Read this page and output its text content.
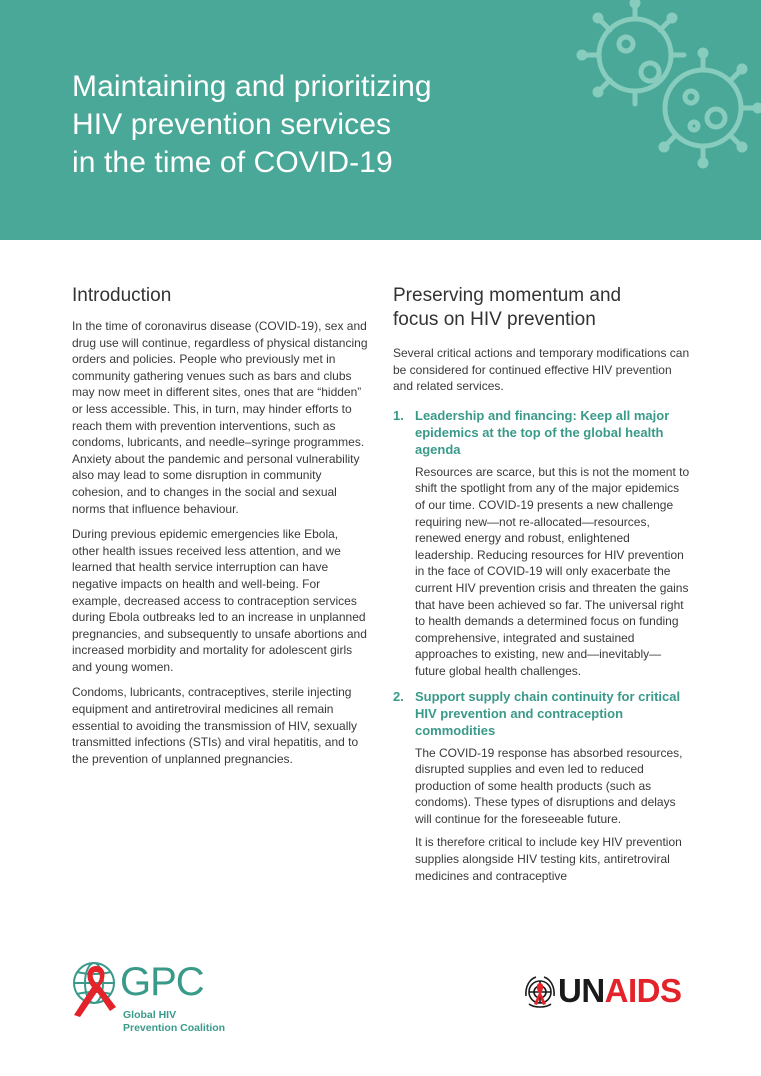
Maintaining and prioritizing
HIV prevention services
in the time of COVID-19
Introduction

In the time of coronavirus disease (COVID-19), sex and drug use will continue, regardless of physical distancing orders and policies. People who previously met in community gathering venues such as bars and clubs may now meet in different sites, ones that are “hidden” or less accessible. This, in turn, may hinder efforts to reach them with prevention interventions, such as condoms, lubricants, and needle–syringe programmes. Anxiety about the pandemic and personal vulnerability also may lead to some disruption in community cohesion, and to changes in the social and sexual norms that influence behaviour.

During previous epidemic emergencies like Ebola, other health issues received less attention, and we learned that health service interruption can have negative impacts on health and well-being. For example, decreased access to contraception services during Ebola outbreaks led to an increase in unplanned pregnancies, and subsequently to unsafe abortions and increased morbidity and mortality for adolescent girls and young women.

Condoms, lubricants, contraceptives, sterile injecting equipment and antiretroviral medicines all remain essential to avoiding the transmission of HIV, sexually transmitted infections (STIs) and viral hepatitis, and to the prevention of unplanned pregnancies.

Preserving momentum and
focus on HIV prevention

Several critical actions and temporary modifications can be considered for continued effective HIV prevention and related services.

1. Leadership and financing: Keep all major epidemics at the top of the global health agenda

Resources are scarce, but this is not the moment to shift the spotlight from any of the major epidemics of our time. COVID-19 presents a new challenge requiring new—not re-allocated—resources, renewed energy and robust, enlightened leadership. Reducing resources for HIV prevention in the face of COVID-19 will only exacerbate the current HIV prevention crisis and threaten the gains that have been achieved so far. The universal right to health demands a determined focus on funding comprehensive, integrated and sustained approaches to existing, new and—inevitably—future global health challenges.

2. Support supply chain continuity for critical HIV prevention and contraception commodities

The COVID-19 response has absorbed resources, disrupted supplies and even led to reduced production of some health products (such as condoms). These types of disruptions and delays will continue for the foreseeable future.

It is therefore critical to include key HIV prevention supplies alongside HIV testing kits, antiretroviral medicines and contraceptive

GPC
Global HIV
Prevention Coalition
UNAIDS
